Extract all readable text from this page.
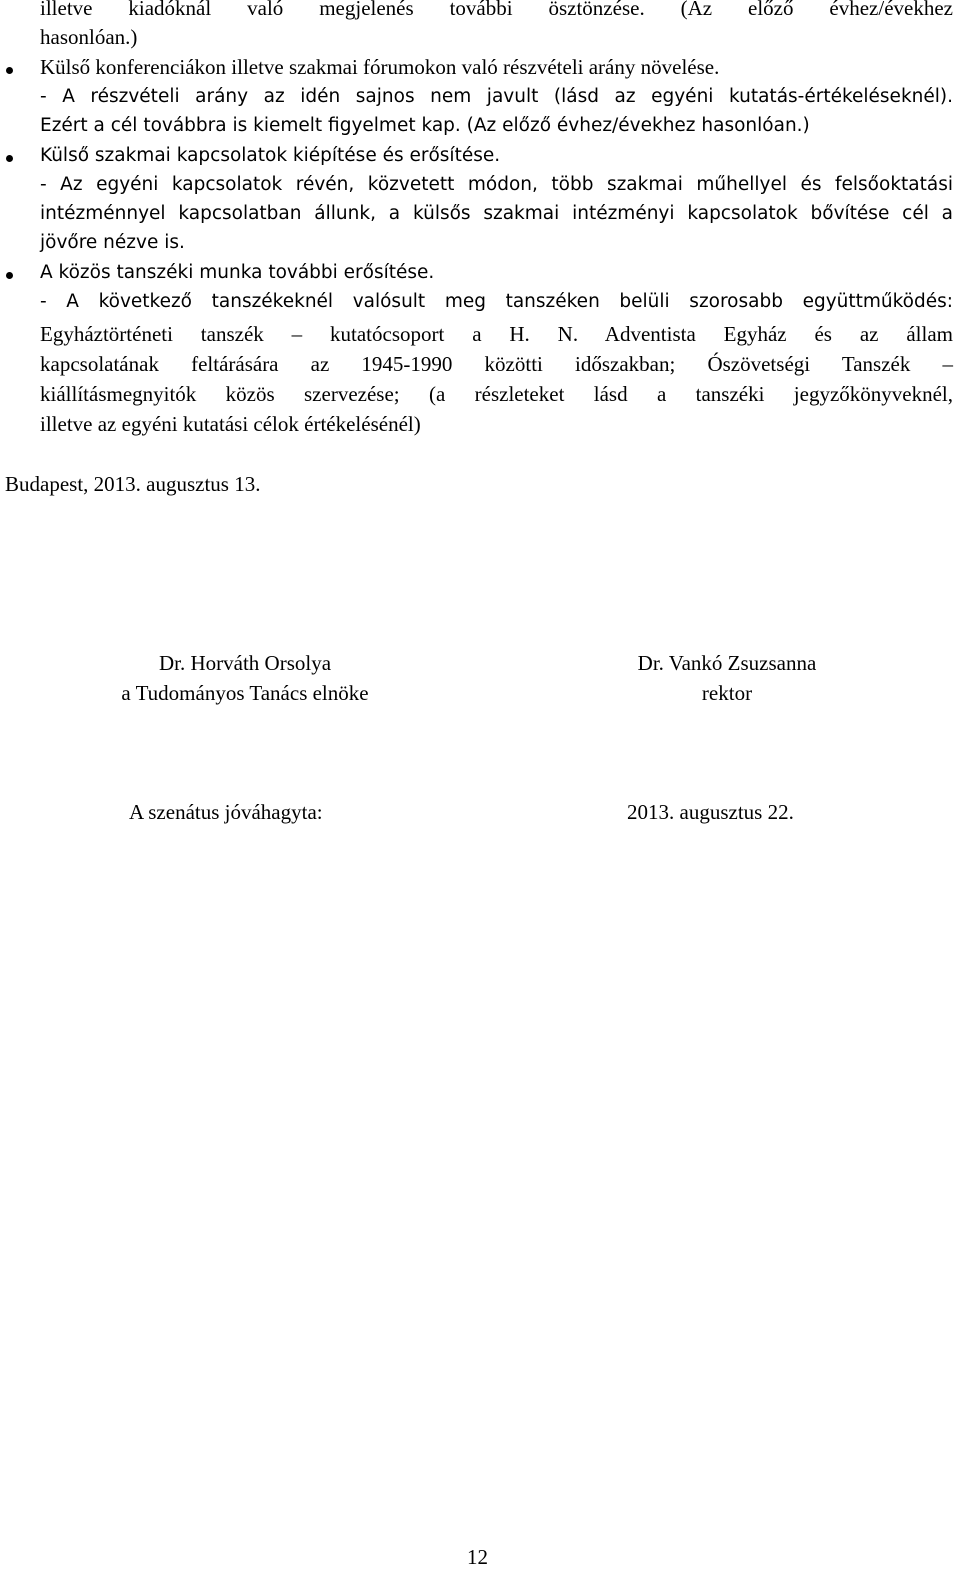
illetve kiadóknál való megjelenés további ösztönzése. (Az előző évhez/évekhez
hasonlóan.)
Külső konferenciákon illetve szakmai fórumokon való részvételi arány növelése.
- A részvételi arány az idén sajnos nem javult (lásd az egyéni kutatás-értékeléseknél).
Ezért a cél továbbra is kiemelt figyelmet kap. (Az előző évhez/évekhez hasonlóan.)
Külső szakmai kapcsolatok kiépítése és erősítése.
- Az egyéni kapcsolatok révén, közvetett módon, több szakmai műhellyel és felsőoktatási
intézménnyel kapcsolatban állunk, a külsős szakmai intézményi kapcsolatok bővítése cél a
jövőre nézve is.
A közös tanszéki munka további erősítése.
- A következő tanszékeknél valósult meg tanszéken belüli szorosabb együttműködés:
Egyháztörténeti tanszék – kutatócsoport a H. N. Adventista Egyház és az állam
kapcsolatának feltárására az 1945-1990 közötti időszakban; Ószövetségi Tanszék –
kiállításmegnyitók közös szervezése; (a részleteket lásd a tanszéki jegyzőkönyveknél,
illetve az egyéni kutatási célok értékelésénél)
Budapest, 2013. augusztus 13.
Dr. Horváth Orsolya
a Tudományos Tanács elnöke
Dr. Vankó Zsuzsanna
rektor
A szenátus jóváhagyta:	2013. augusztus 22.
12
